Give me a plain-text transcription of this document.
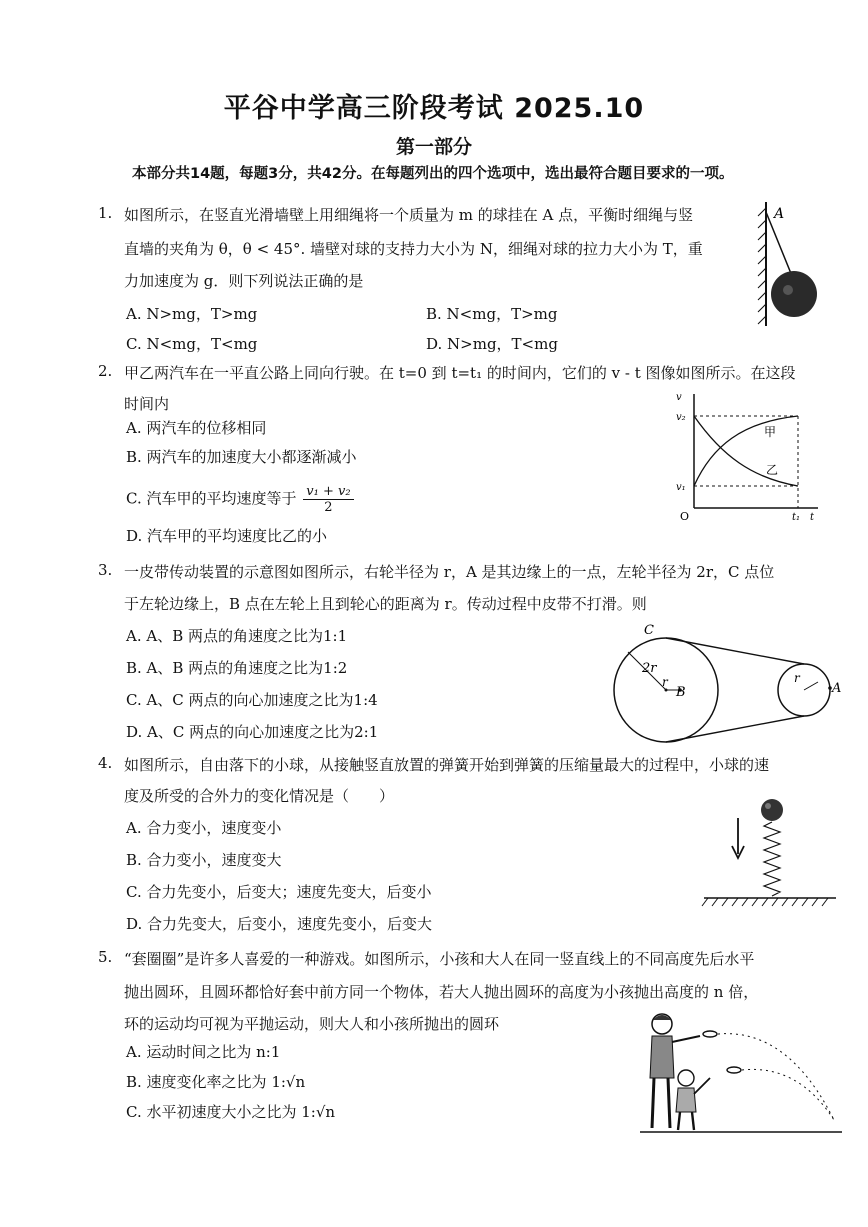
平谷中学高三阶段考试 2025.10
第一部分
本部分共14题，每题3分，共42分。在每题列出的四个选项中，选出最符合题目要求的一项。
1. 如图所示，在竖直光滑墙壁上用细绳将一个质量为 m 的球挂在 A 点，平衡时细绳与竖
直墙的夹角为 θ，θ < 45°. 墙壁对球的支持力大小为 N，细绳对球的拉力大小为 T，重
力加速度为 g．则下列说法正确的是
A. N>mg，T>mg	B. N<mg，T>mg
C. N<mg，T<mg	D. N>mg，T<mg
A
2. 甲乙两汽车在一平直公路上同向行驶。在 t=0 到 t=t₁ 的时间内，它们的 v - t 图像如图所示。在这段
时间内
A. 两汽车的位移相同
B. 两汽车的加速度大小都逐渐减小
C. 汽车甲的平均速度等于 $\frac{\text{v₁ + v₂}}{2}$
D. 汽车甲的平均速度比乙的小
v
t
v₂
v₁
O	t₁
甲
乙
3. 一皮带传动装置的示意图如图所示，右轮半径为 r，A 是其边缘上的一点，左轮半径为 2r，C 点位
于左轮边缘上，B 点在左轮上且到轮心的距离为 r。传动过程中皮带不打滑。则
A. A、B 两点的角速度之比为1:1
B. A、B 两点的角速度之比为1:2
C. A、C 两点的向心加速度之比为1:4
D. A、C 两点的向心加速度之比为2:1
C
2r
r
B
r
A
4. 如图所示，自由落下的小球，从接触竖直放置的弹簧开始到弹簧的压缩量最大的过程中，小球的速
度及所受的合外力的变化情况是（　　）
A. 合力变小，速度变小
B. 合力变小，速度变大
C. 合力先变小，后变大；速度先变大，后变小
D. 合力先变大，后变小，速度先变小，后变大
5. “套圈圈”是许多人喜爱的一种游戏。如图所示，小孩和大人在同一竖直线上的不同高度先后水平
抛出圆环，且圆环都恰好套中前方同一个物体，若大人抛出圆环的高度为小孩抛出高度的 n 倍，
环的运动均可视为平抛运动，则大人和小孩所抛出的圆环
A. 运动时间之比为 n:1
B. 速度变化率之比为 1:√n
C. 水平初速度大小之比为 1:√n
